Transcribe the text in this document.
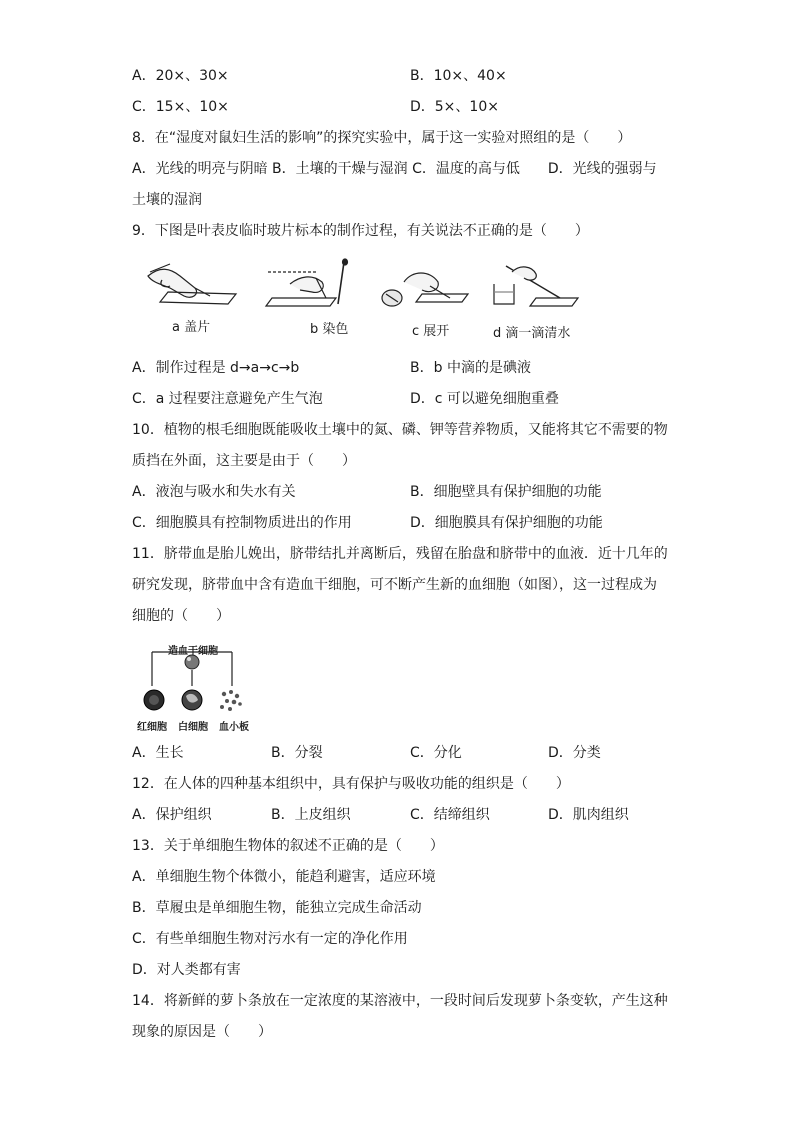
A．20×、30×	B．10×、40×
C．15×、10×	D．5×、10×
8．在“湿度对鼠妇生活的影响”的探究实验中，属于这一实验对照组的是（　　）
A．光线的明亮与阴暗 B．土壤的干燥与湿润 C．温度的高与低　　D．光线的强弱与
土壤的湿润
9．下图是叶表皮临时玻片标本的制作过程，有关说法不正确的是（　　）
a 盖片	b 染色	c 展开	d 滴一滴清水
A．制作过程是 d→a→c→b	B．b 中滴的是碘液
C．a 过程要注意避免产生气泡	D．c 可以避免细胞重叠
10．植物的根毛细胞既能吸收土壤中的氮、磷、钾等营养物质，又能将其它不需要的物
质挡在外面，这主要是由于（　　）
A．液泡与吸水和失水有关	B．细胞壁具有保护细胞的功能
C．细胞膜具有控制物质进出的作用	D．细胞膜具有保护细胞的功能
11．脐带血是胎儿娩出，脐带结扎并离断后，残留在胎盘和脐带中的血液．近十几年的
研究发现，脐带血中含有造血干细胞，可不断产生新的血细胞（如图），这一过程成为
细胞的（　　）
造血干细胞
红细胞 白细胞 血小板
A．生长	B．分裂	C．分化	D．分类
12．在人体的四种基本组织中，具有保护与吸收功能的组织是（　　）
A．保护组织	B．上皮组织	C．结缔组织	D．肌肉组织
13．关于单细胞生物体的叙述不正确的是（　　）
A．单细胞生物个体微小，能趋利避害，适应环境
B．草履虫是单细胞生物，能独立完成生命活动
C．有些单细胞生物对污水有一定的净化作用
D．对人类都有害
14．将新鲜的萝卜条放在一定浓度的某溶液中，一段时间后发现萝卜条变软，产生这种
现象的原因是（　　）
